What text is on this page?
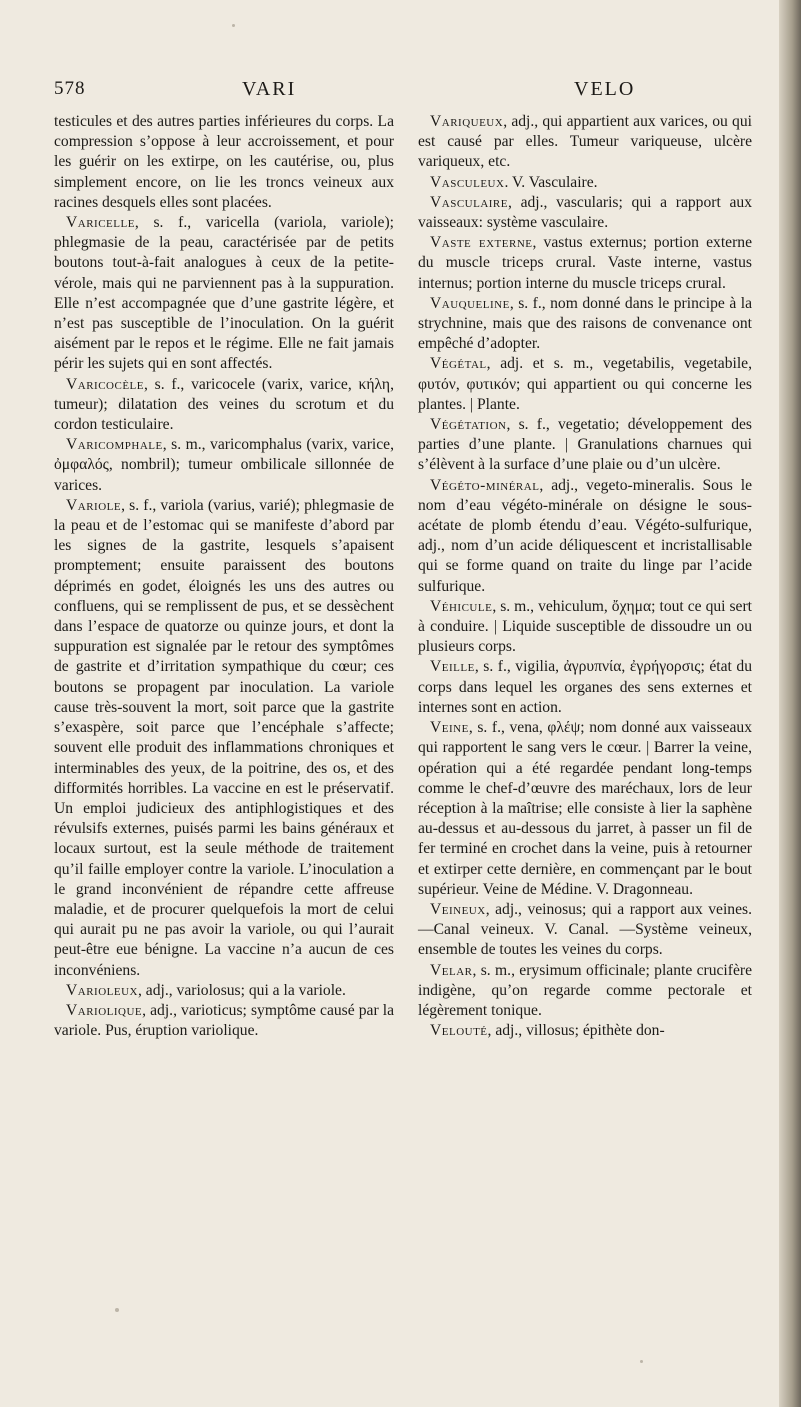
578	VARI	VELO

testicules et des autres parties inférieures du corps. La compression s’oppose à leur accroissement, et pour les guérir on les extirpe, on les cautérise, ou, plus simplement encore, on lie les troncs veineux aux racines desquels elles sont placées.

Varicelle, s. f., varicella (variola, variole); phlegmasie de la peau, caractérisée par de petits boutons tout-à-fait analogues à ceux de la petite-vérole, mais qui ne parviennent pas à la suppuration. Elle n’est accompagnée que d’une gastrite légère, et n’est pas susceptible de l’inoculation. On la guérit aisément par le repos et le régime. Elle ne fait jamais périr les sujets qui en sont affectés.

Varicocèle, s. f., varicocele (varix, varice, κήλη, tumeur); dilatation des veines du scrotum et du cordon testiculaire.

Varicomphale, s. m., varicomphalus (varix, varice, ὀμφαλός, nombril); tumeur ombilicale sillonnée de varices.

Variole, s. f., variola (varius, varié); phlegmasie de la peau et de l’estomac qui se manifeste d’abord par les signes de la gastrite, lesquels s’apaisent promptement; ensuite paraissent des boutons déprimés en godet, éloignés les uns des autres ou confluens, qui se remplissent de pus, et se dessèchent dans l’espace de quatorze ou quinze jours, et dont la suppuration est signalée par le retour des symptômes de gastrite et d’irritation sympathique du cœur; ces boutons se propagent par inoculation. La variole cause très-souvent la mort, soit parce que la gastrite s’exaspère, soit parce que l’encéphale s’affecte; souvent elle produit des inflammations chroniques et interminables des yeux, de la poitrine, des os, et des difformités horribles. La vaccine en est le préservatif. Un emploi judicieux des antiphlogistiques et des révulsifs externes, puisés parmi les bains généraux et locaux surtout, est la seule méthode de traitement qu’il faille employer contre la variole. L’inoculation a le grand inconvénient de répandre cette affreuse maladie, et de procurer quelquefois la mort de celui qui aurait pu ne pas avoir la variole, ou qui l’aurait peut-être eue bénigne. La vaccine n’a aucun de ces inconvéniens.

Varioleux, adj., variolosus; qui a la variole.

Variolique, adj., varioticus; symptôme causé par la variole. Pus, éruption variolique.

Variqueux, adj., qui appartient aux varices, ou qui est causé par elles. Tumeur variqueuse, ulcère variqueux, etc.

Vasculeux. V. Vasculaire.

Vasculaire, adj., vascularis; qui a rapport aux vaisseaux: système vasculaire.

Vaste externe, vastus externus; portion externe du muscle triceps crural. Vaste interne, vastus internus; portion interne du muscle triceps crural.

Vauqueline, s. f., nom donné dans le principe à la strychnine, mais que des raisons de convenance ont empêché d’adopter.

Végétal, adj. et s. m., vegetabilis, vegetabile, φυτόν, φυτικόν; qui appartient ou qui concerne les plantes. | Plante.

Végétation, s. f., vegetatio; développement des parties d’une plante. | Granulations charnues qui s’élèvent à la surface d’une plaie ou d’un ulcère.

Végéto-minéral, adj., vegeto-mineralis. Sous le nom d’eau végéto-minérale on désigne le sous-acétate de plomb étendu d’eau. Végéto-sulfurique, adj., nom d’un acide déliquescent et incristallisable qui se forme quand on traite du linge par l’acide sulfurique.

Véhicule, s. m., vehiculum, ὄχημα; tout ce qui sert à conduire. | Liquide susceptible de dissoudre un ou plusieurs corps.

Veille, s. f., vigilia, ἀγρυπνία, ἐγρήγορσις; état du corps dans lequel les organes des sens externes et internes sont en action.

Veine, s. f., vena, φλέψ; nom donné aux vaisseaux qui rapportent le sang vers le cœur. | Barrer la veine, opération qui a été regardée pendant long-temps comme le chef-d’œuvre des maréchaux, lors de leur réception à la maîtrise; elle consiste à lier la saphène au-dessus et au-dessous du jarret, à passer un fil de fer terminé en crochet dans la veine, puis à retourner et extirper cette dernière, en commençant par le bout supérieur. Veine de Médine. V. Dragonneau.

Veineux, adj., veinosus; qui a rapport aux veines.—Canal veineux. V. Canal. —Système veineux, ensemble de toutes les veines du corps.

Velar, s. m., erysimum officinale; plante crucifère indigène, qu’on regarde comme pectorale et légèrement tonique.

Velouté, adj., villosus; épithète don-
